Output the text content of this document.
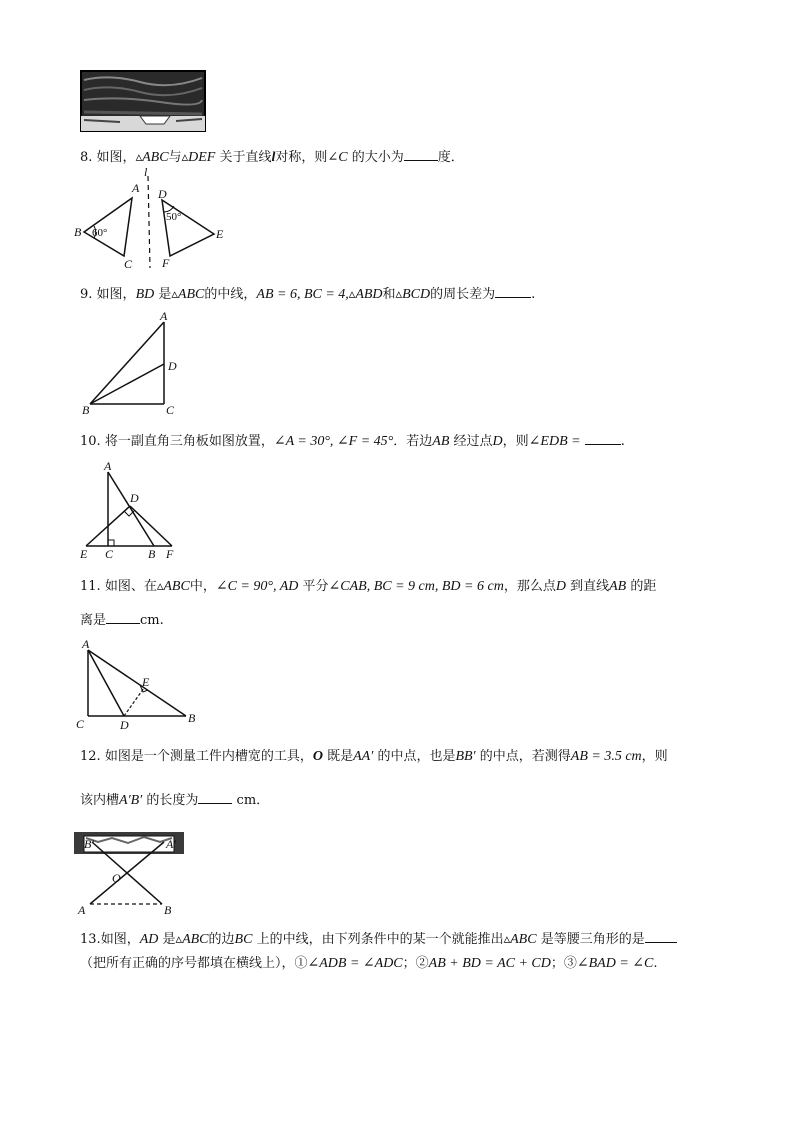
8. 如图，▵ABC与▵DEF 关于直线l对称，则∠C 的大小为	度．
A
B
C
60°
l
D
E
F
50°
9. 如图，BD 是▵ABC的中线，AB = 6, BC = 4,▵ABD和▵BCD的周长差为	.
A
D
B	C
10. 将一副直角三角板如图放置，∠A = 30°, ∠F = 45°．若边AB 经过点D，则∠EDB =	.
A
D
E C	B F
11. 如图、在▵ABC中，∠C = 90°, AD 平分∠CAB, BC = 9 cm, BD = 6 cm，那么点D 到直线AB 的距
离是	cm.
A
E
C	D	B
12. 如图是一个测量工件内槽宽的工具，O 既是AA′ 的中点，也是BB′ 的中点，若测得AB = 3.5 cm，则
该内槽A′B′ 的长度为	cm．
B′	A′
O
A	B
13.如图，AD 是▵ABC的边BC 上的中线，由下列条件中的某一个就能推出▵ABC 是等腰三角形的是
（把所有正确的序号都填在横线上），①∠ADB = ∠ADC；②AB + BD = AC + CD；③∠BAD = ∠C.
